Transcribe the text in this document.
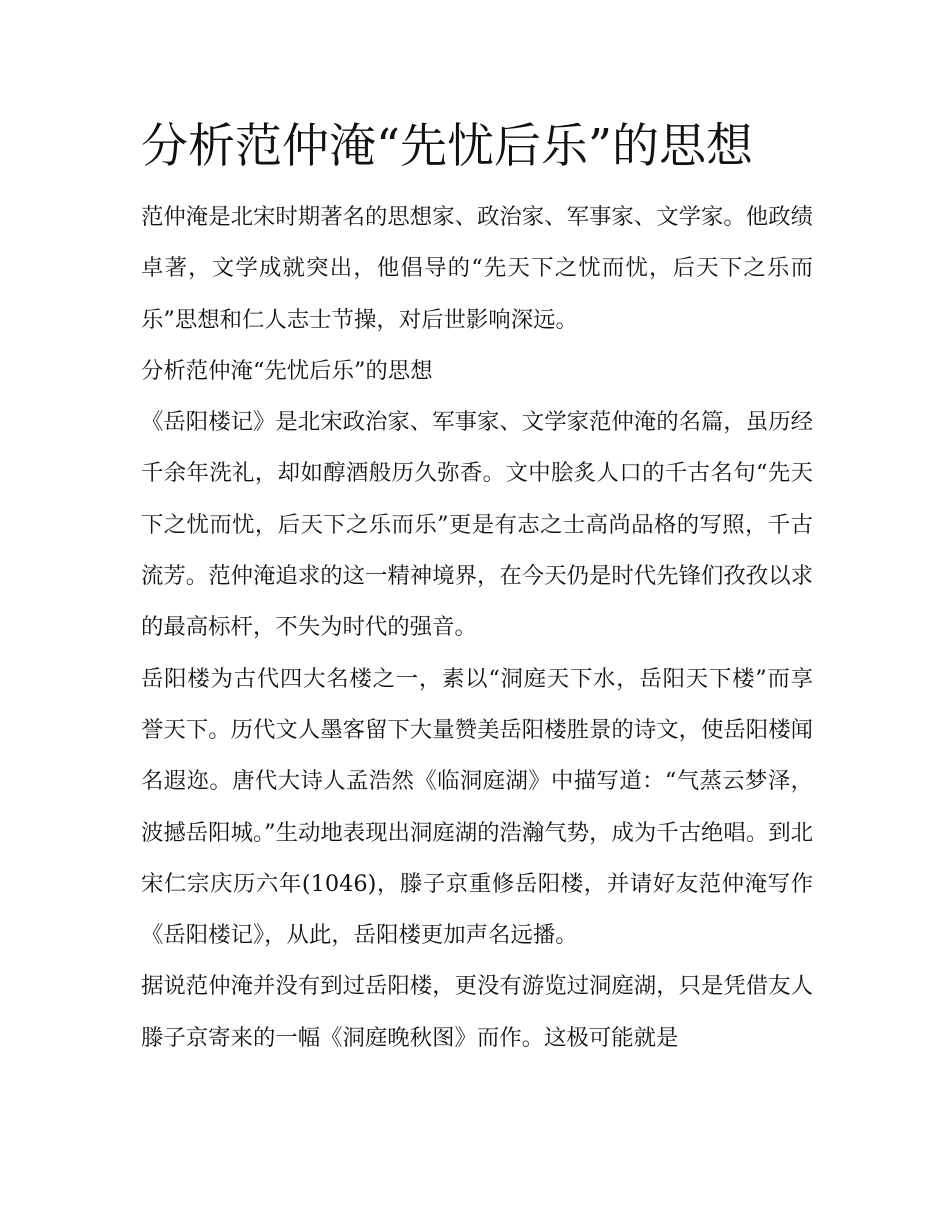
分析范仲淹“先忧后乐”的思想

范仲淹是北宋时期著名的思想家、政治家、军事家、文学家。他政绩卓著，文学成就突出，他倡导的“先天下之忧而忧，后天下之乐而乐”思想和仁人志士节操，对后世影响深远。

分析范仲淹“先忧后乐”的思想

《岳阳楼记》是北宋政治家、军事家、文学家范仲淹的名篇，虽历经千余年洗礼，却如醇酒般历久弥香。文中脍炙人口的千古名句“先天下之忧而忧，后天下之乐而乐”更是有志之士高尚品格的写照，千古流芳。范仲淹追求的这一精神境界，在今天仍是时代先锋们孜孜以求的最高标杆，不失为时代的强音。

岳阳楼为古代四大名楼之一，素以“洞庭天下水，岳阳天下楼”而享誉天下。历代文人墨客留下大量赞美岳阳楼胜景的诗文，使岳阳楼闻名遐迩。唐代大诗人孟浩然《临洞庭湖》中描写道：“气蒸云梦泽，波撼岳阳城。”生动地表现出洞庭湖的浩瀚气势，成为千古绝唱。到北宋仁宗庆历六年(1046)，滕子京重修岳阳楼，并请好友范仲淹写作《岳阳楼记》，从此，岳阳楼更加声名远播。

据说范仲淹并没有到过岳阳楼，更没有游览过洞庭湖，只是凭借友人滕子京寄来的一幅《洞庭晚秋图》而作。这极可能就是
